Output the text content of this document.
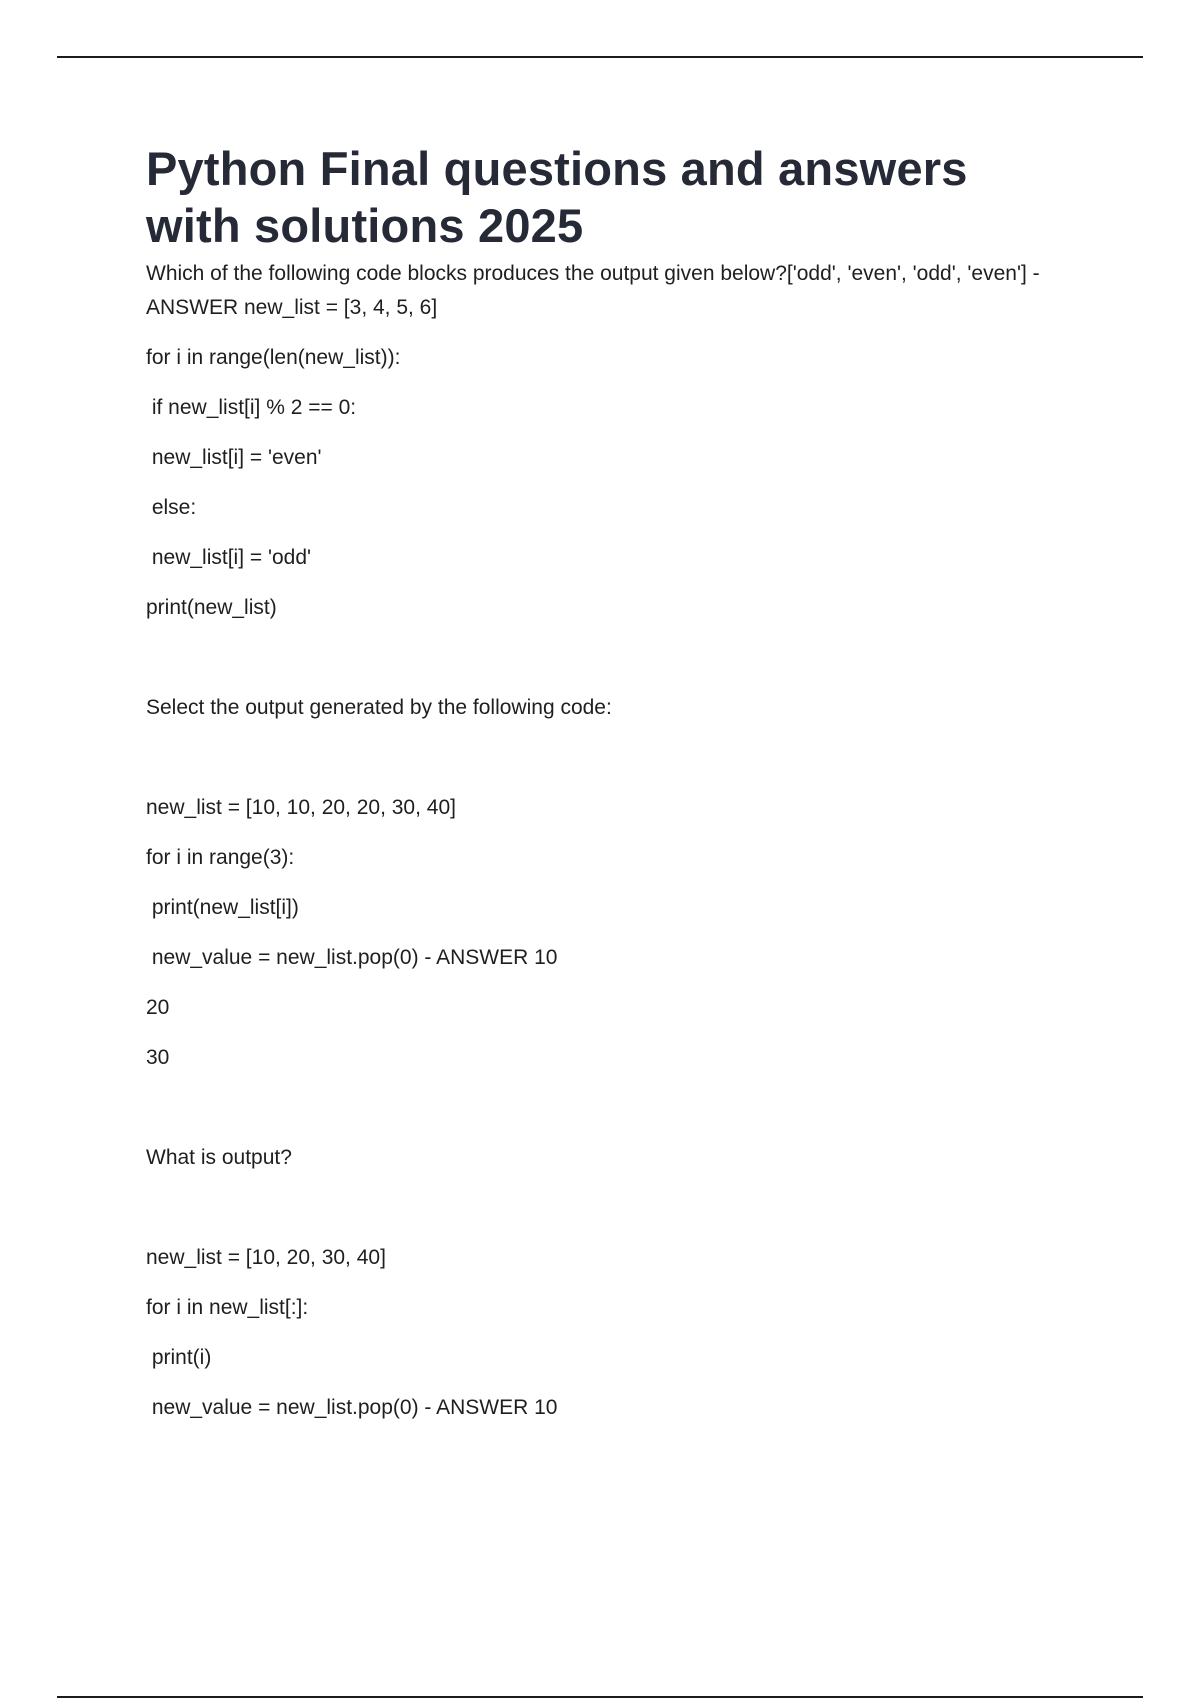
Python Final questions and answers with solutions 2025
Which of the following code blocks produces the output given below?['odd', 'even', 'odd', 'even'] - ANSWER new_list = [3, 4, 5, 6]
for i in range(len(new_list)):
if new_list[i] % 2 == 0:
new_list[i] = 'even'
else:
new_list[i] = 'odd'
print(new_list)
Select the output generated by the following code:
new_list = [10, 10, 20, 20, 30, 40]
for i in range(3):
print(new_list[i])
new_value = new_list.pop(0) - ANSWER 10
20
30
What is output?
new_list = [10, 20, 30, 40]
for i in new_list[:]:
print(i)
new_value = new_list.pop(0) - ANSWER 10
